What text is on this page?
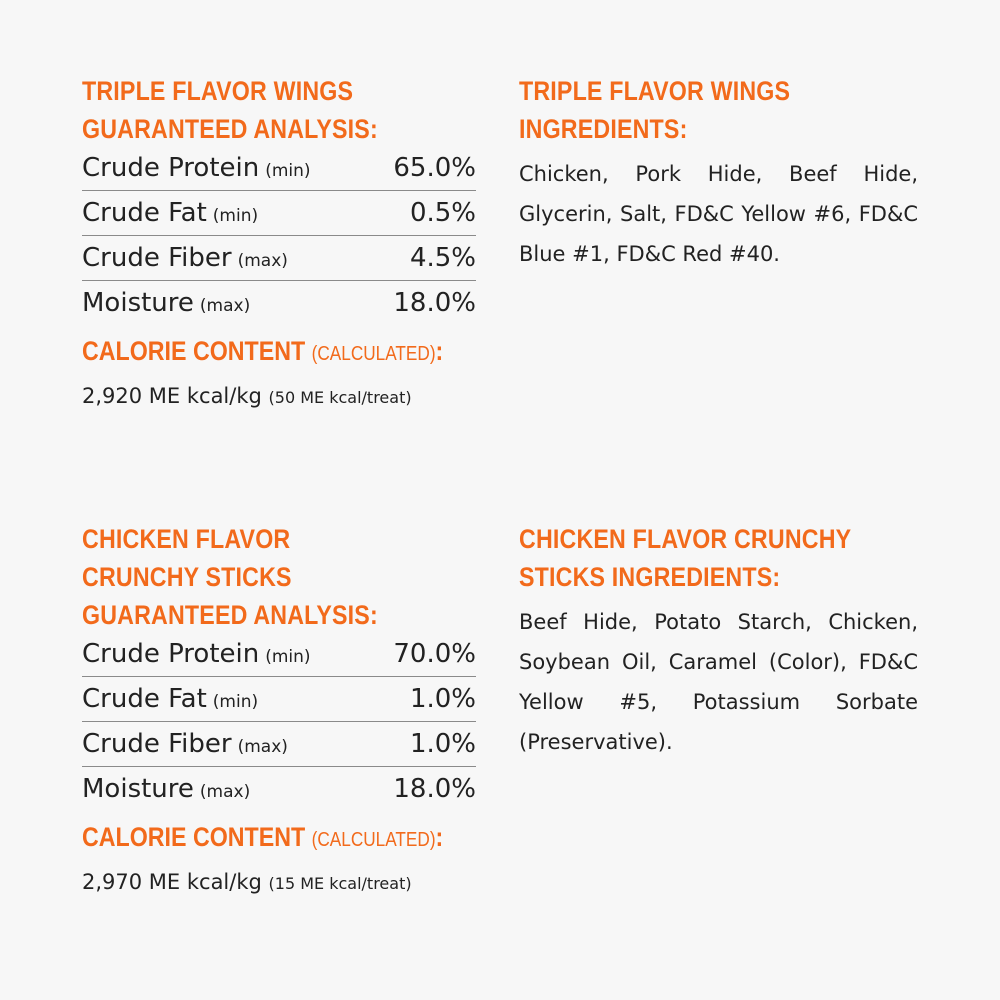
TRIPLE FLAVOR WINGS
GUARANTEED ANALYSIS:
Crude Protein (min)	65.0%
Crude Fat (min)	0.5%
Crude Fiber (max)	4.5%
Moisture (max)	18.0%
CALORIE CONTENT (CALCULATED):
2,920 ME kcal/kg (50 ME kcal/treat)
TRIPLE FLAVOR WINGS
INGREDIENTS:
Chicken, Pork Hide, Beef Hide, Glycerin, Salt, FD&C Yellow #6, FD&C Blue #1, FD&C Red #40.
CHICKEN FLAVOR
CRUNCHY STICKS
GUARANTEED ANALYSIS:
Crude Protein (min)	70.0%
Crude Fat (min)	1.0%
Crude Fiber (max)	1.0%
Moisture (max)	18.0%
CALORIE CONTENT (CALCULATED):
2,970 ME kcal/kg (15 ME kcal/treat)
CHICKEN FLAVOR CRUNCHY
STICKS INGREDIENTS:
Beef Hide, Potato Starch, Chicken, Soybean Oil, Caramel (Color), FD&C Yellow #5, Potassium Sorbate (Preservative).
